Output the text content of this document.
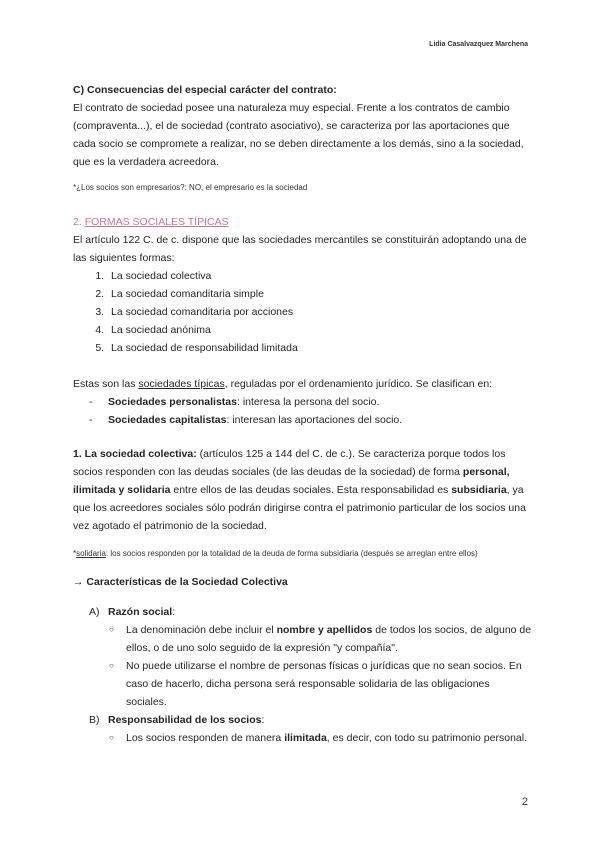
Lidia Casalvazquez Marchena

C) Consecuencias del especial carácter del contrato:

El contrato de sociedad posee una naturaleza muy especial. Frente a los contratos de cambio (compraventa...), el de sociedad (contrato asociativo), se caracteriza por las aportaciones que cada socio se compromete a realizar, no se deben directamente a los demás, sino a la sociedad, que es la verdadera acreedora.

*¿Los socios son empresarios?: NO, el empresario es la sociedad

2. FORMAS SOCIALES TÍPICAS

El artículo 122 C. de c. dispone que las sociedades mercantiles se constituirán adoptando una de las siguientes formas:

1. La sociedad colectiva
2. La sociedad comanditaria simple
3. La sociedad comanditaria por acciones
4. La sociedad anónima
5. La sociedad de responsabilidad limitada

Estas son las sociedades típicas, reguladas por el ordenamiento jurídico. Se clasifican en:

- Sociedades personalistas: interesa la persona del socio.
- Sociedades capitalistas: interesan las aportaciones del socio.

1. La sociedad colectiva: (artículos 125 a 144 del C. de c.). Se caracteriza porque todos los socios responden con las deudas sociales (de las deudas de la sociedad) de forma personal, ilimitada y solidaria entre ellos de las deudas sociales. Esta responsabilidad es subsidiaria, ya que los acreedores sociales sólo podrán dirigirse contra el patrimonio particular de los socios una vez agotado el patrimonio de la sociedad.

*solidaria: los socios responden por la totalidad de la deuda de forma subsidiaria (después se arreglan entre ellos)

→ Características de la Sociedad Colectiva

A) Razón social:
○ La denominación debe incluir el nombre y apellidos de todos los socios, de alguno de ellos, o de uno solo seguido de la expresión "y compañía".
○ No puede utilizarse el nombre de personas físicas o jurídicas que no sean socios. En caso de hacerlo, dicha persona será responsable solidaria de las obligaciones sociales.
B) Responsabilidad de los socios:
○ Los socios responden de manera ilimitada, es decir, con todo su patrimonio personal.
2
